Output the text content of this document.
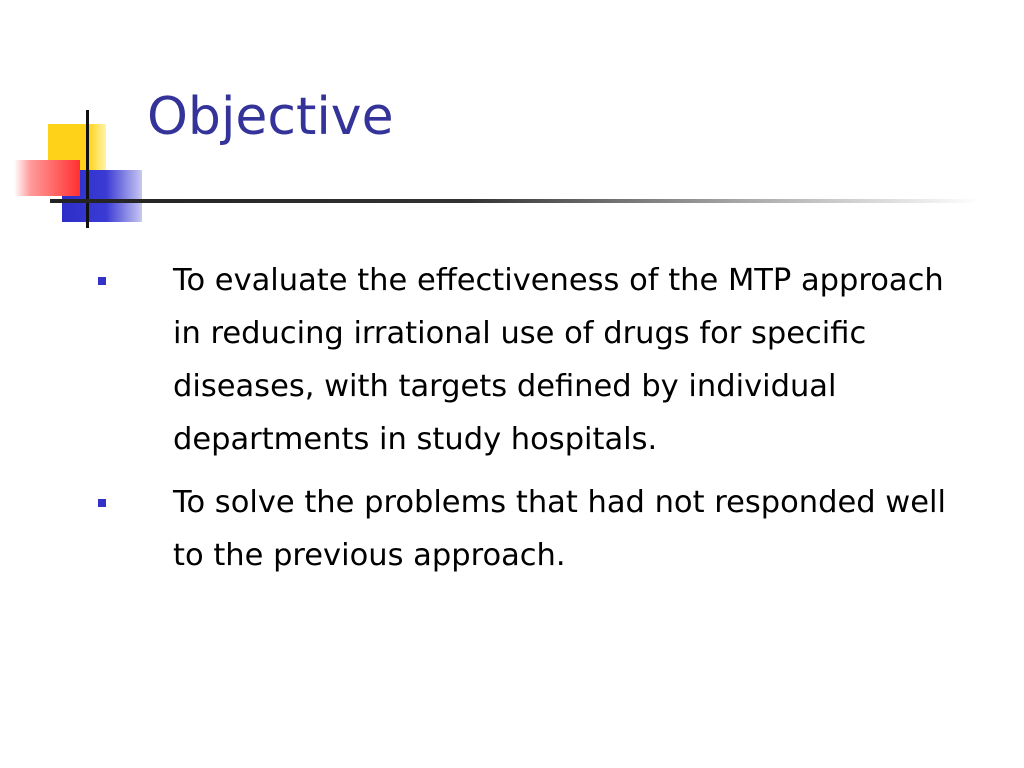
Objective
To evaluate the effectiveness of the MTP approach in reducing irrational use of drugs for specific diseases, with targets defined by individual departments in study hospitals.
To solve the problems that had not responded well to the previous approach.
